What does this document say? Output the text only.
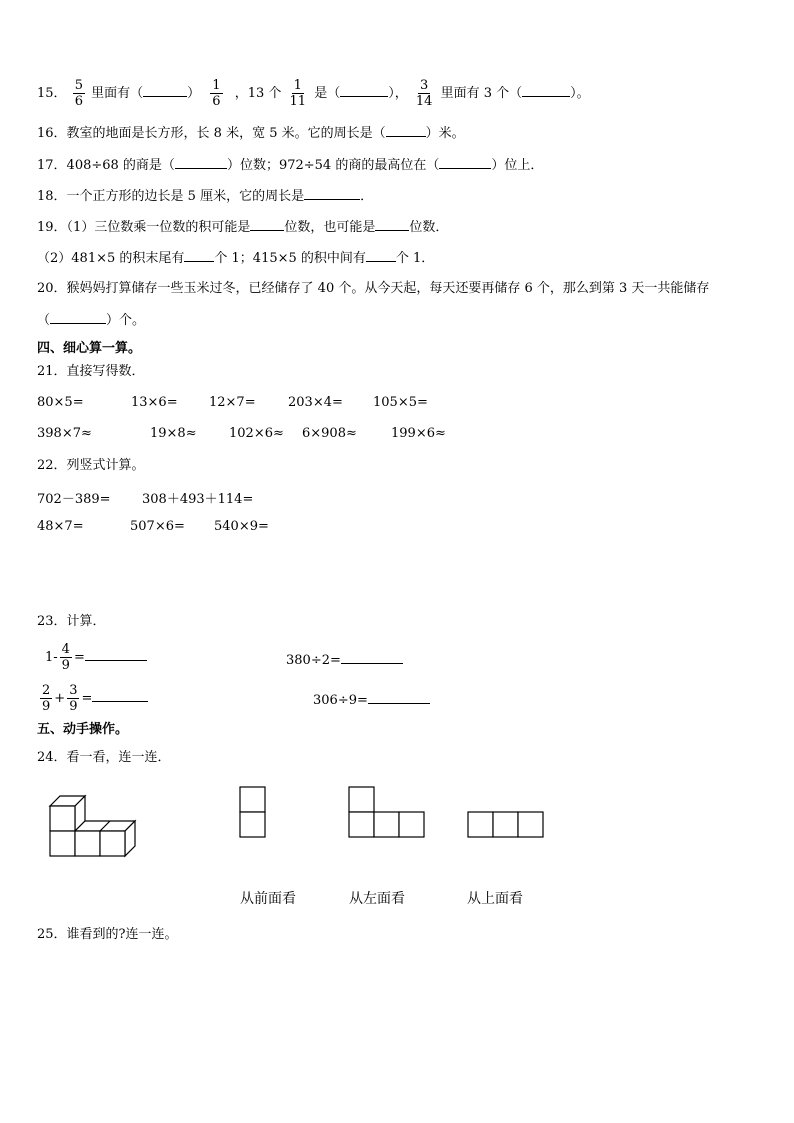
15． $\frac{5}{6}$ 里面有（	） $\frac{1}{6}$ ，13 个 $\frac{1}{11}$ 是（	）， $\frac{3}{14}$ 里面有 3 个（	）。
16．教室的地面是长方形，长 8 米，宽 5 米。它的周长是（	）米。
17．408÷68 的商是（	）位数；972÷54 的商的最高位在（	）位上．
18．一个正方形的边长是 5 厘米，它的周长是	．
19．（1）三位数乘一位数的积可能是	位数，也可能是	位数．
（2）481×5 的积末尾有 个 1；415×5 的积中间有 个 1．
20．猴妈妈打算储存一些玉米过冬，已经储存了 40 个。从今天起，每天还要再储存 6 个，那么到第 3 天一共能储存
（	）个。
四、细心算一算。
21．直接写得数．
80×5=	13×6= 12×7= 203×4= 105×5=
398×7≈	19×8≈ 102×6≈ 6×908≈	199×6≈
22．列竖式计算。
702－389= 308＋493＋114=
48×7=	507×6= 540×9=
23．计算．
$1- \frac{4}{9}$ =	380÷2=
$\frac{2}{9} + \frac{3}{9}$ =	306÷9=
五、动手操作。
24．看一看，连一连．
从前面看	从左面看	从上面看
25．谁看到的?连一连。
